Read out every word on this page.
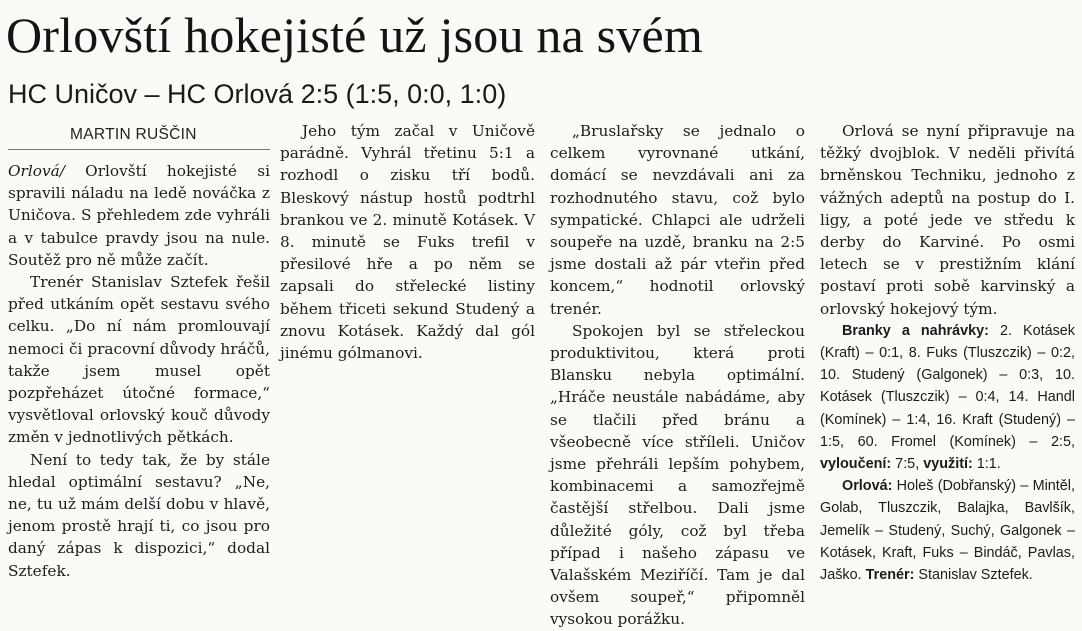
Orlovští hokejisté už jsou na svém
HC Uničov – HC Orlová 2:5 (1:5, 0:0, 1:0)
MARTIN RUŠČIN

Orlová/ Orlovští hokejisté si spravili náladu na ledě nováčka z Uničova. S přehledem zde vyhráli a v tabulce pravdy jsou na nule. Soutěž pro ně může začít.

Trenér Stanislav Sztefek řešil před utkáním opět sestavu svého celku. „Do ní nám promlouvají nemoci či pracovní důvody hráčů, takže jsem musel opět pozpřeházet útočné formace,“ vysvětloval orlovský kouč důvody změn v jednotlivých pětkách.

Není to tedy tak, že by stále hledal optimální sestavu? „Ne, ne, tu už mám delší dobu v hlavě, jenom prostě hrají ti, co jsou pro daný zápas k dispozici,“ dodal Sztefek.

Jeho tým začal v Uničově parádně. Vyhrál třetinu 5:1 a rozhodl o zisku tří bodů. Bleskový nástup hostů podtrhl brankou ve 2. minutě Kotásek. V 8. minutě se Fuks trefil v přesilové hře a po něm se zapsali do střelecké listiny během třiceti sekund Studený a znovu Kotásek. Každý dal gól jinému gólmanovi.

„Bruslařsky se jednalo o celkem vyrovnané utkání, domácí se nevzdávali ani za rozhodnutého stavu, což bylo sympatické. Chlapci ale udrželi soupeře na uzdě, branku na 2:5 jsme dostali až pár vteřin před koncem,“ hodnotil orlovský trenér.

Spokojen byl se střeleckou produktivitou, která proti Blansku nebyla optimální. „Hráče neustále nabádáme, aby se tlačili před bránu a všeobecně více stříleli. Uničov jsme přehráli lepším pohybem, kombinacemi a samozřejmě častější střelbou. Dali jsme důležité góly, což byl třeba případ i našeho zápasu ve Valašském Meziříčí. Tam je dal ovšem soupeř,“ připomněl vysokou porážku.

Orlová se nyní připravuje na těžký dvojblok. V neděli přivítá brněnskou Techniku, jednoho z vážných adeptů na postup do I. ligy, a poté jede ve středu k derby do Karviné. Po osmi letech se v prestižním klání postaví proti sobě karvinský a orlovský hokejový tým.

Branky a nahrávky: 2. Kotásek (Kraft) – 0:1, 8. Fuks (Tluszczik) – 0:2, 10. Studený (Galgonek) – 0:3, 10. Kotásek (Tluszczik) – 0:4, 14. Handl (Komínek) – 1:4, 16. Kraft (Studený) – 1:5, 60. Fromel (Komínek) – 2:5, vyloučení: 7:5, využití: 1:1.

Orlová: Holeš (Dobřanský) – Mintěl, Golab, Tluszczik, Balajka, Bavlšík, Jemelík – Studený, Suchý, Galgonek – Kotásek, Kraft, Fuks – Bindáč, Pavlas, Jaško. Trenér: Stanislav Sztefek.
